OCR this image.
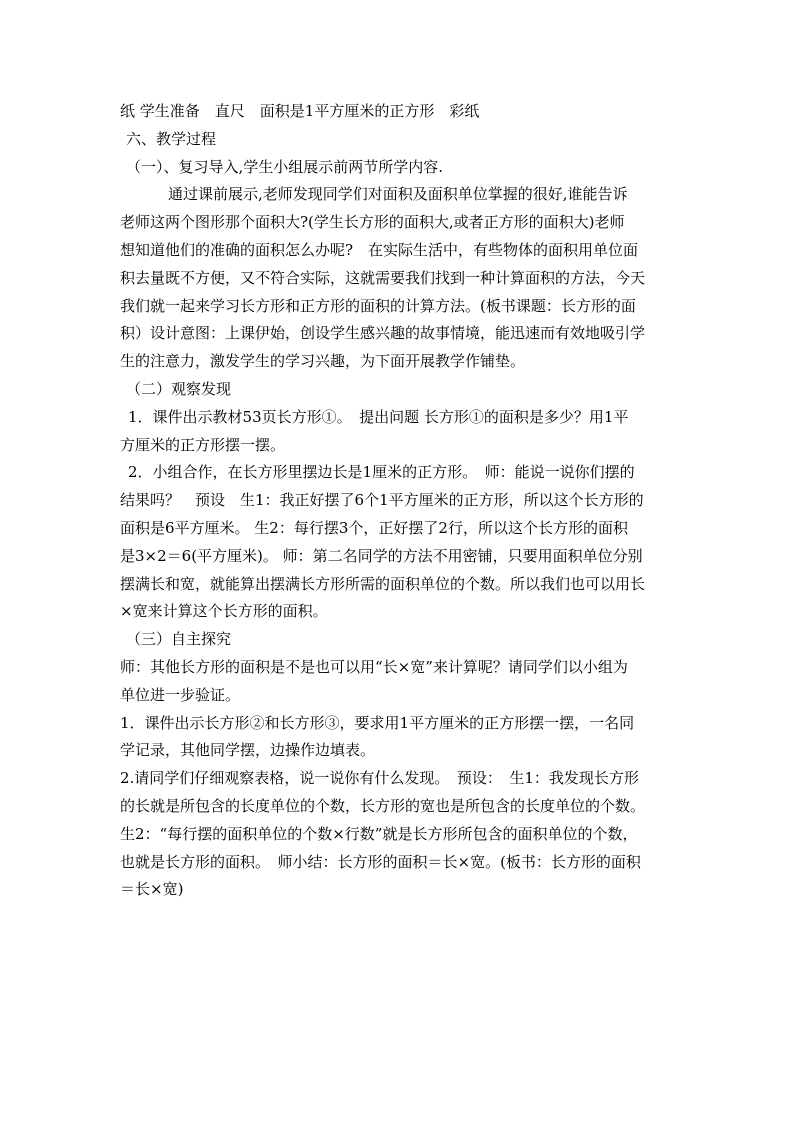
纸 学生准备　直尺　面积是1平方厘米的正方形　彩纸

六、教学过程

（一）、复习导入,学生小组展示前两节所学内容.

通过课前展示,老师发现同学们对面积及面积单位掌握的很好,谁能告诉

老师这两个图形那个面积大?(学生长方形的面积大,或者正方形的面积大)老师

想知道他们的准确的面积怎么办呢?　在实际生活中，有些物体的面积用单位面

积去量既不方便，又不符合实际，这就需要我们找到一种计算面积的方法，今天

我们就一起来学习长方形和正方形的面积的计算方法。(板书课题：长方形的面

积）设计意图：上课伊始，创设学生感兴趣的故事情境，能迅速而有效地吸引学

生的注意力，激发学生的学习兴趣，为下面开展教学作铺垫。

（二）观察发现

1．课件出示教材53页长方形①。　提出问题 长方形①的面积是多少？用1平

方厘米的正方形摆一摆。

2．小组合作，在长方形里摆边长是1厘米的正方形。　师：能说一说你们摆的

结果吗？　预设　生1：我正好摆了6个1平方厘米的正方形，所以这个长方形的

面积是6平方厘米。 生2：每行摆3个，正好摆了2行，所以这个长方形的面积

是3×2＝6(平方厘米)。 师：第二名同学的方法不用密铺，只要用面积单位分别

摆满长和宽，就能算出摆满长方形所需的面积单位的个数。所以我们也可以用长

×宽来计算这个长方形的面积。

（三）自主探究

师：其他长方形的面积是不是也可以用“长×宽”来计算呢？请同学们以小组为

单位进一步验证。

1．课件出示长方形②和长方形③，要求用1平方厘米的正方形摆一摆，一名同

学记录，其他同学摆，边操作边填表。

2.请同学们仔细观察表格，说一说你有什么发现。　预设：　生1：我发现长方形

的长就是所包含的长度单位的个数，长方形的宽也是所包含的长度单位的个数。

生2：“每行摆的面积单位的个数×行数”就是长方形所包含的面积单位的个数，

也就是长方形的面积。　师小结：长方形的面积＝长×宽。(板书：长方形的面积

＝长×宽)
